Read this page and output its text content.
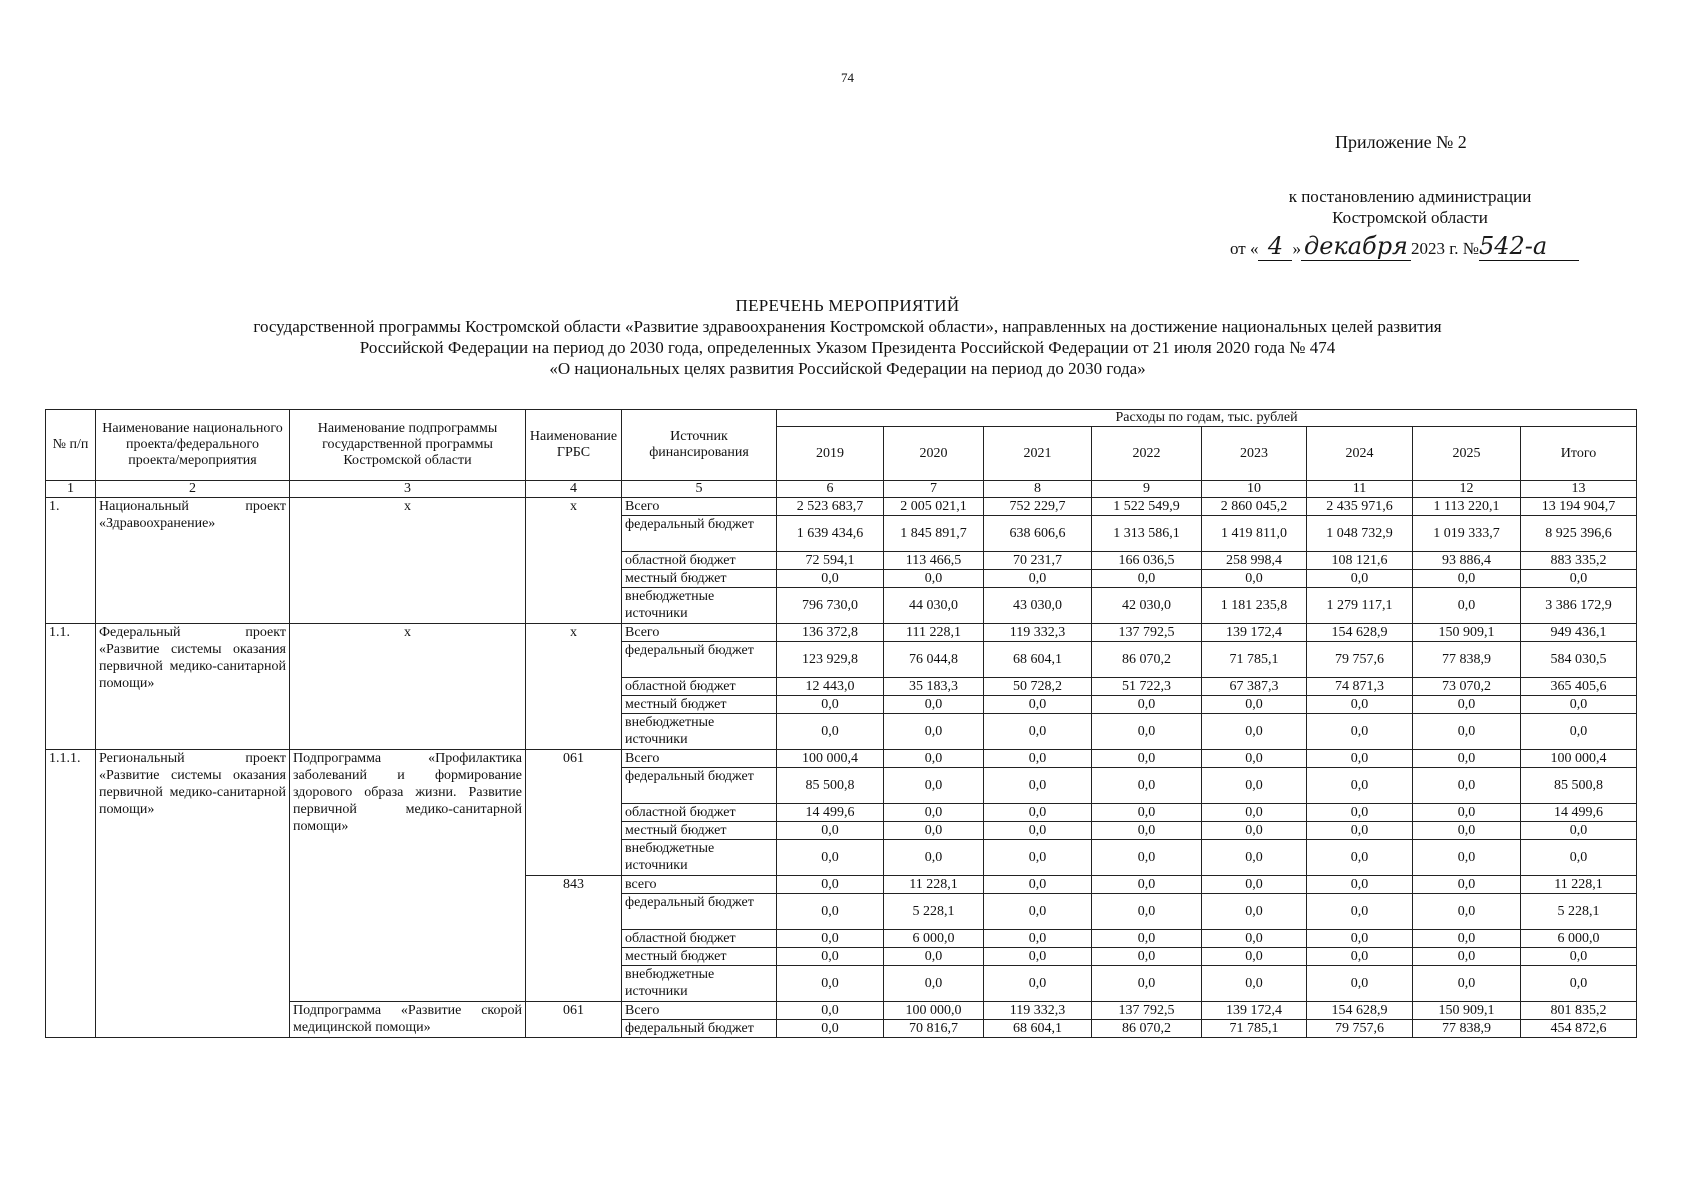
74
Приложение № 2
к постановлению администрации
Костромской области
от « 4 » декабря 2023 г. №542-а
ПЕРЕЧЕНЬ МЕРОПРИЯТИЙ
государственной программы Костромской области «Развитие здравоохранения Костромской области», направленных на достижение национальных целей развития
Российской Федерации на период до 2030 года, определенных Указом Президента Российской Федерации от 21 июля 2020 года № 474
«О национальных целях развития Российской Федерации на период до 2030 года»
№ п/п	Наименование национального проекта/федерального проекта/мероприятия	Наименование подпрограммы государственной программы Костромской области	Наименование ГРБС	Источник финансирования	Расходы по годам, тыс. рублей							
					2019	2020	2021	2022	2023	2024	2025	Итого
1	2	3	4	5	6	7	8	9	10	11	12	13
1.	Национальный проект «Здравоохранение»	х	х	Всего	2 523 683,7	2 005 021,1	752 229,7	1 522 549,9	2 860 045,2	2 435 971,6	1 113 220,1	13 194 904,7
				федеральный бюджет	1 639 434,6	1 845 891,7	638 606,6	1 313 586,1	1 419 811,0	1 048 732,9	1 019 333,7	8 925 396,6
				областной бюджет	72 594,1	113 466,5	70 231,7	166 036,5	258 998,4	108 121,6	93 886,4	883 335,2
				местный бюджет	0,0	0,0	0,0	0,0	0,0	0,0	0,0	0,0
				внебюджетные источники	796 730,0	44 030,0	43 030,0	42 030,0	1 181 235,8	1 279 117,1	0,0	3 386 172,9
1.1.	Федеральный проект «Развитие системы оказания первичной медико-санитарной помощи»	х	х	Всего	136 372,8	111 228,1	119 332,3	137 792,5	139 172,4	154 628,9	150 909,1	949 436,1
				федеральный бюджет	123 929,8	76 044,8	68 604,1	86 070,2	71 785,1	79 757,6	77 838,9	584 030,5
				областной бюджет	12 443,0	35 183,3	50 728,2	51 722,3	67 387,3	74 871,3	73 070,2	365 405,6
				местный бюджет	0,0	0,0	0,0	0,0	0,0	0,0	0,0	0,0
				внебюджетные источники	0,0	0,0	0,0	0,0	0,0	0,0	0,0	0,0
1.1.1.	Региональный проект «Развитие системы оказания первичной медико-санитарной помощи»	Подпрограмма «Профилактика заболеваний и формирование здорового образа жизни. Развитие первичной медико-санитарной помощи»	061	Всего	100 000,4	0,0	0,0	0,0	0,0	0,0	0,0	100 000,4
				федеральный бюджет	85 500,8	0,0	0,0	0,0	0,0	0,0	0,0	85 500,8
				областной бюджет	14 499,6	0,0	0,0	0,0	0,0	0,0	0,0	14 499,6
				местный бюджет	0,0	0,0	0,0	0,0	0,0	0,0	0,0	0,0
				внебюджетные источники	0,0	0,0	0,0	0,0	0,0	0,0	0,0	0,0
			843	всего	0,0	11 228,1	0,0	0,0	0,0	0,0	0,0	11 228,1
				федеральный бюджет	0,0	5 228,1	0,0	0,0	0,0	0,0	0,0	5 228,1
				областной бюджет	0,0	6 000,0	0,0	0,0	0,0	0,0	0,0	6 000,0
				местный бюджет	0,0	0,0	0,0	0,0	0,0	0,0	0,0	0,0
				внебюджетные источники	0,0	0,0	0,0	0,0	0,0	0,0	0,0	0,0
		Подпрограмма «Развитие скорой медицинской помощи»	061	Всего	0,0	100 000,0	119 332,3	137 792,5	139 172,4	154 628,9	150 909,1	801 835,2
				федеральный бюджет	0,0	70 816,7	68 604,1	86 070,2	71 785,1	79 757,6	77 838,9	454 872,6
